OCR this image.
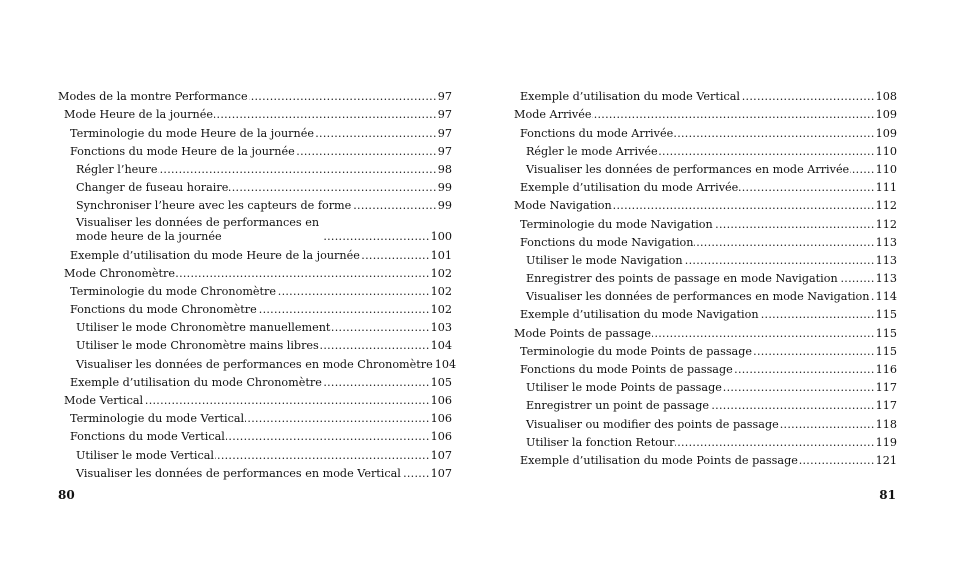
Modes de la montre Performance .....	97
Mode Heure de la journée .....	97
Terminologie du mode Heure de la journée .....	97
Fonctions du mode Heure de la journée .....	97
Régler l’heure .....	98
Changer de fuseau horaire .....	99
Synchroniser l’heure avec les capteurs de forme .....	99
Visualiser les données de performances en mode heure de la journée .....	100
Exemple d’utilisation du mode Heure de la journée .....	101
Mode Chronomètre .....	102
Terminologie du mode Chronomètre .....	102
Fonctions du mode Chronomètre .....	102
Utiliser le mode Chronomètre manuellement .....	103
Utiliser le mode Chronomètre mains libres .....	104
Visualiser les données de performances en mode Chronomètre 104
Exemple d’utilisation du mode Chronomètre .....	105
Mode Vertical .....	106
Terminologie du mode Vertical .....	106
Fonctions du mode Vertical .....	106
Utiliser le mode Vertical .....	107
Visualiser les données de performances en mode Vertical .....	107
Exemple d’utilisation du mode Vertical .....	108
Mode Arrivée .....	109
Fonctions du mode Arrivée .....	109
Régler le mode Arrivée .....	110
Visualiser les données de performances en mode Arrivée ..... 110
Exemple d’utilisation du mode Arrivée .....	111
Mode Navigation .....	112
Terminologie du mode Navigation .....	112
Fonctions du mode Navigation .....	113
Utiliser le mode Navigation .....	113
Enregistrer des points de passage en mode Navigation .....	113
Visualiser les données de performances en mode Navigation ..... 114
Exemple d’utilisation du mode Navigation .....	115
Mode Points de passage .....	115
Terminologie du mode Points de passage .....	115
Fonctions du mode Points de passage .....	116
Utiliser le mode Points de passage .....	117
Enregistrer un point de passage .....	117
Visualiser ou modifier des points de passage .....	118
Utiliser la fonction Retour .....	119
Exemple d’utilisation du mode Points de passage .....	121
80	81
